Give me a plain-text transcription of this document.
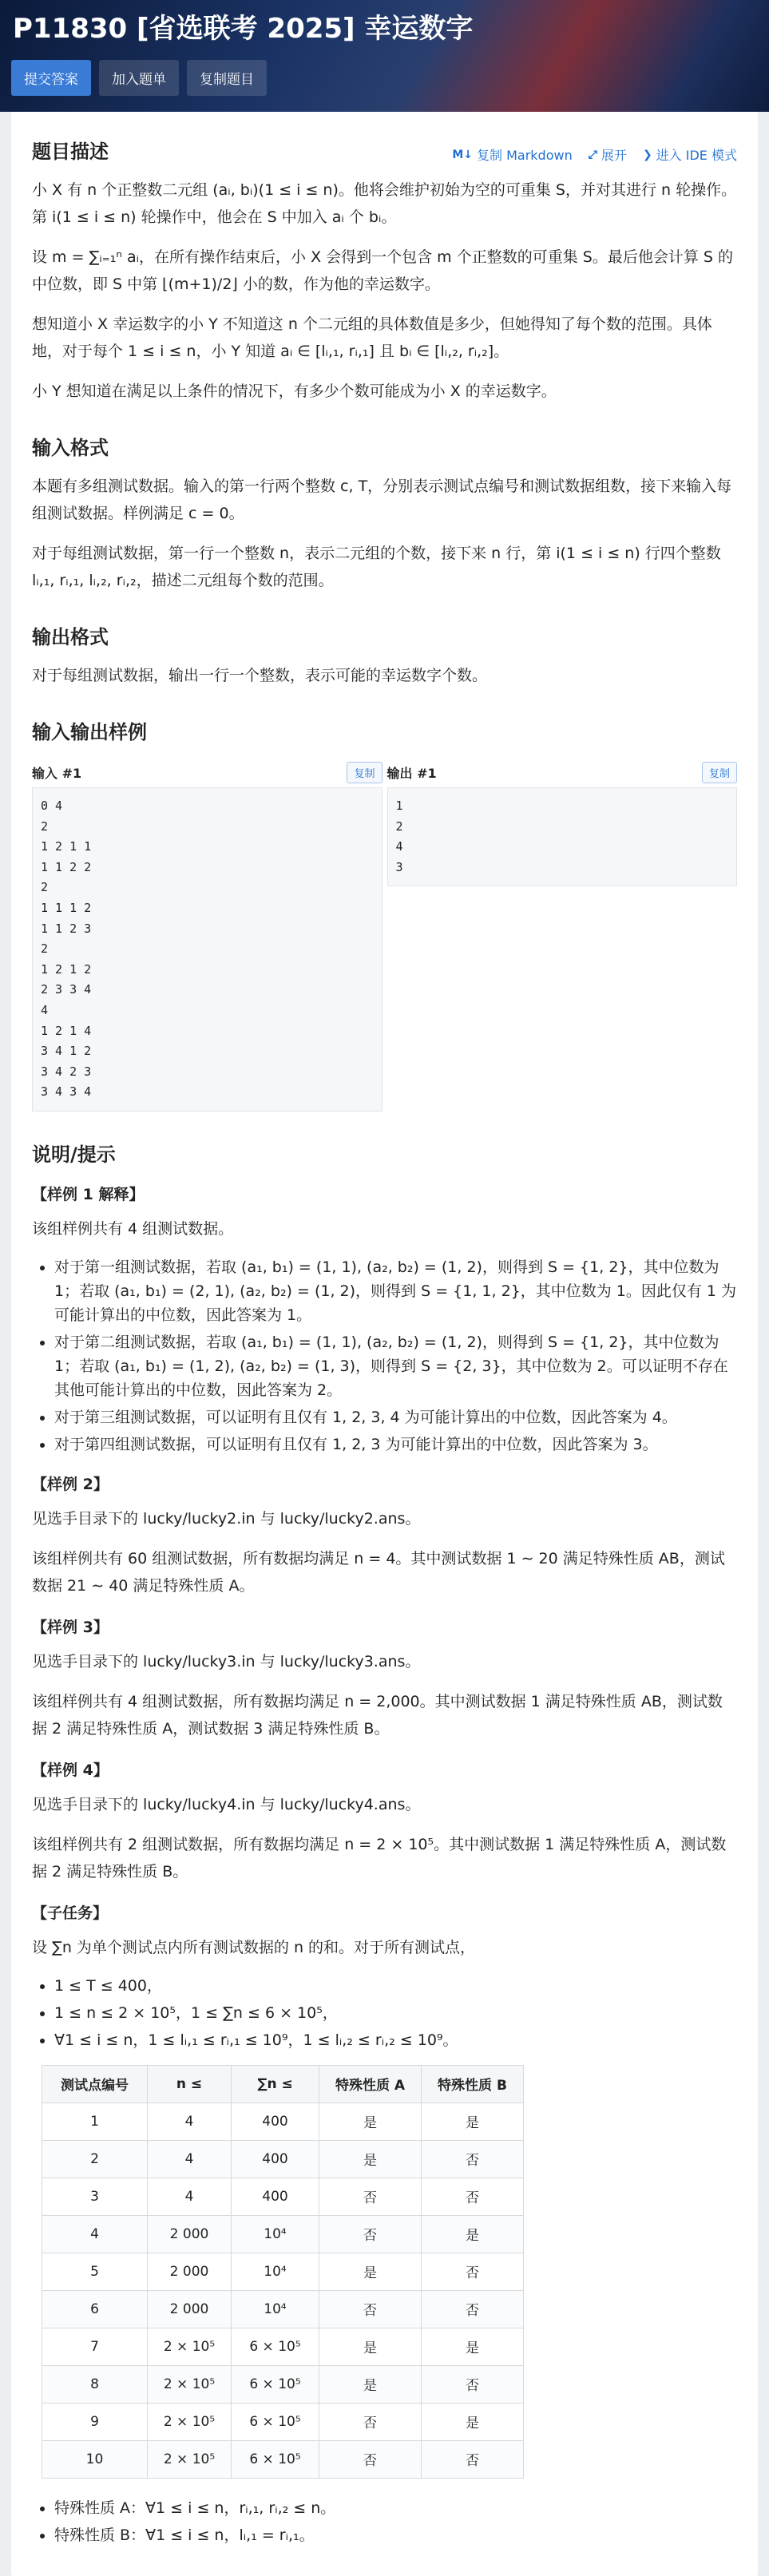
P11830 [省选联考 2025] 幸运数字
提交答案	加入题单	复制题目
题目描述	M↓ 复制 Markdown ⤢ 展开 ❯ 进入 IDE 模式

小 X 有 n 个正整数二元组 (aᵢ, bᵢ)(1 ≤ i ≤ n)。他将会维护初始为空的可重集 S，并对其进行 n 轮操作。第 i(1 ≤ i ≤ n) 轮操作中，他会在 S 中加入 aᵢ 个 bᵢ。

设 m = ∑ᵢ₌₁ⁿ aᵢ，在所有操作结束后，小 X 会得到一个包含 m 个正整数的可重集 S。最后他会计算 S 的中位数，即 S 中第 ⌊(m+1)/2⌋ 小的数，作为他的幸运数字。

想知道小 X 幸运数字的小 Y 不知道这 n 个二元组的具体数值是多少，但她得知了每个数的范围。具体地，对于每个 1 ≤ i ≤ n，小 Y 知道 aᵢ ∈ [lᵢ,₁, rᵢ,₁] 且 bᵢ ∈ [lᵢ,₂, rᵢ,₂]。

小 Y 想知道在满足以上条件的情况下，有多少个数可能成为小 X 的幸运数字。

输入格式

本题有多组测试数据。输入的第一行两个整数 c, T，分别表示测试点编号和测试数据组数，接下来输入每组测试数据。样例满足 c = 0。

对于每组测试数据，第一行一个整数 n，表示二元组的个数，接下来 n 行，第 i(1 ≤ i ≤ n) 行四个整数 lᵢ,₁, rᵢ,₁, lᵢ,₂, rᵢ,₂，描述二元组每个数的范围。

输出格式

对于每组测试数据，输出一行一个整数，表示可能的幸运数字个数。

输入输出样例
输入 #1	复制
0 4
2
1 2 1 1
1 1 2 2
2
1 1 1 2
1 1 2 3
2
1 2 1 2
2 3 3 4
4
1 2 1 4
3 4 1 2
3 4 2 3
3 4 3 4
输出 #1	复制
1
2
4
3
说明/提示
【样例 1 解释】

该组样例共有 4 组测试数据。

• 对于第一组测试数据，若取 (a₁, b₁) = (1, 1), (a₂, b₂) = (1, 2)，则得到 S = {1, 2}，其中位数为 1；若取 (a₁, b₁) = (2, 1), (a₂, b₂) = (1, 2)，则得到 S = {1, 1, 2}，其中位数为 1。因此仅有 1 为可能计算出的中位数，因此答案为 1。
• 对于第二组测试数据，若取 (a₁, b₁) = (1, 1), (a₂, b₂) = (1, 2)，则得到 S = {1, 2}，其中位数为 1；若取 (a₁, b₁) = (1, 2), (a₂, b₂) = (1, 3)，则得到 S = {2, 3}，其中位数为 2。可以证明不存在其他可能计算出的中位数，因此答案为 2。
• 对于第三组测试数据，可以证明有且仅有 1, 2, 3, 4 为可能计算出的中位数，因此答案为 4。
• 对于第四组测试数据，可以证明有且仅有 1, 2, 3 为可能计算出的中位数，因此答案为 3。
【样例 2】

见选手目录下的 lucky/lucky2.in 与 lucky/lucky2.ans。

该组样例共有 60 组测试数据，所有数据均满足 n = 4。其中测试数据 1 ∼ 20 满足特殊性质 AB，测试数据 21 ∼ 40 满足特殊性质 A。

【样例 3】

见选手目录下的 lucky/lucky3.in 与 lucky/lucky3.ans。

该组样例共有 4 组测试数据，所有数据均满足 n = 2,000。其中测试数据 1 满足特殊性质 AB，测试数据 2 满足特殊性质 A，测试数据 3 满足特殊性质 B。

【样例 4】

见选手目录下的 lucky/lucky4.in 与 lucky/lucky4.ans。

该组样例共有 2 组测试数据，所有数据均满足 n = 2 × 10⁵。其中测试数据 1 满足特殊性质 A，测试数据 2 满足特殊性质 B。

【子任务】

设 ∑n 为单个测试点内所有测试数据的 n 的和。对于所有测试点，

• 1 ≤ T ≤ 400，
• 1 ≤ n ≤ 2 × 10⁵，1 ≤ ∑n ≤ 6 × 10⁵，
• ∀1 ≤ i ≤ n，1 ≤ lᵢ,₁ ≤ rᵢ,₁ ≤ 10⁹，1 ≤ lᵢ,₂ ≤ rᵢ,₂ ≤ 10⁹。
测试点编号	n ≤	∑n ≤	特殊性质 A	特殊性质 B
1	4	400	是	是
2	4	400	是	否
3	4	400	否	否
4	2 000	10⁴	否	是
5	2 000	10⁴	是	否
6	2 000	10⁴	否	否
7	2 × 10⁵	6 × 10⁵	是	是
8	2 × 10⁵	6 × 10⁵	是	否
9	2 × 10⁵	6 × 10⁵	否	是
10	2 × 10⁵	6 × 10⁵	否	否
• 特殊性质 A：∀1 ≤ i ≤ n，rᵢ,₁, rᵢ,₂ ≤ n。
• 特殊性质 B：∀1 ≤ i ≤ n，lᵢ,₁ = rᵢ,₁。
